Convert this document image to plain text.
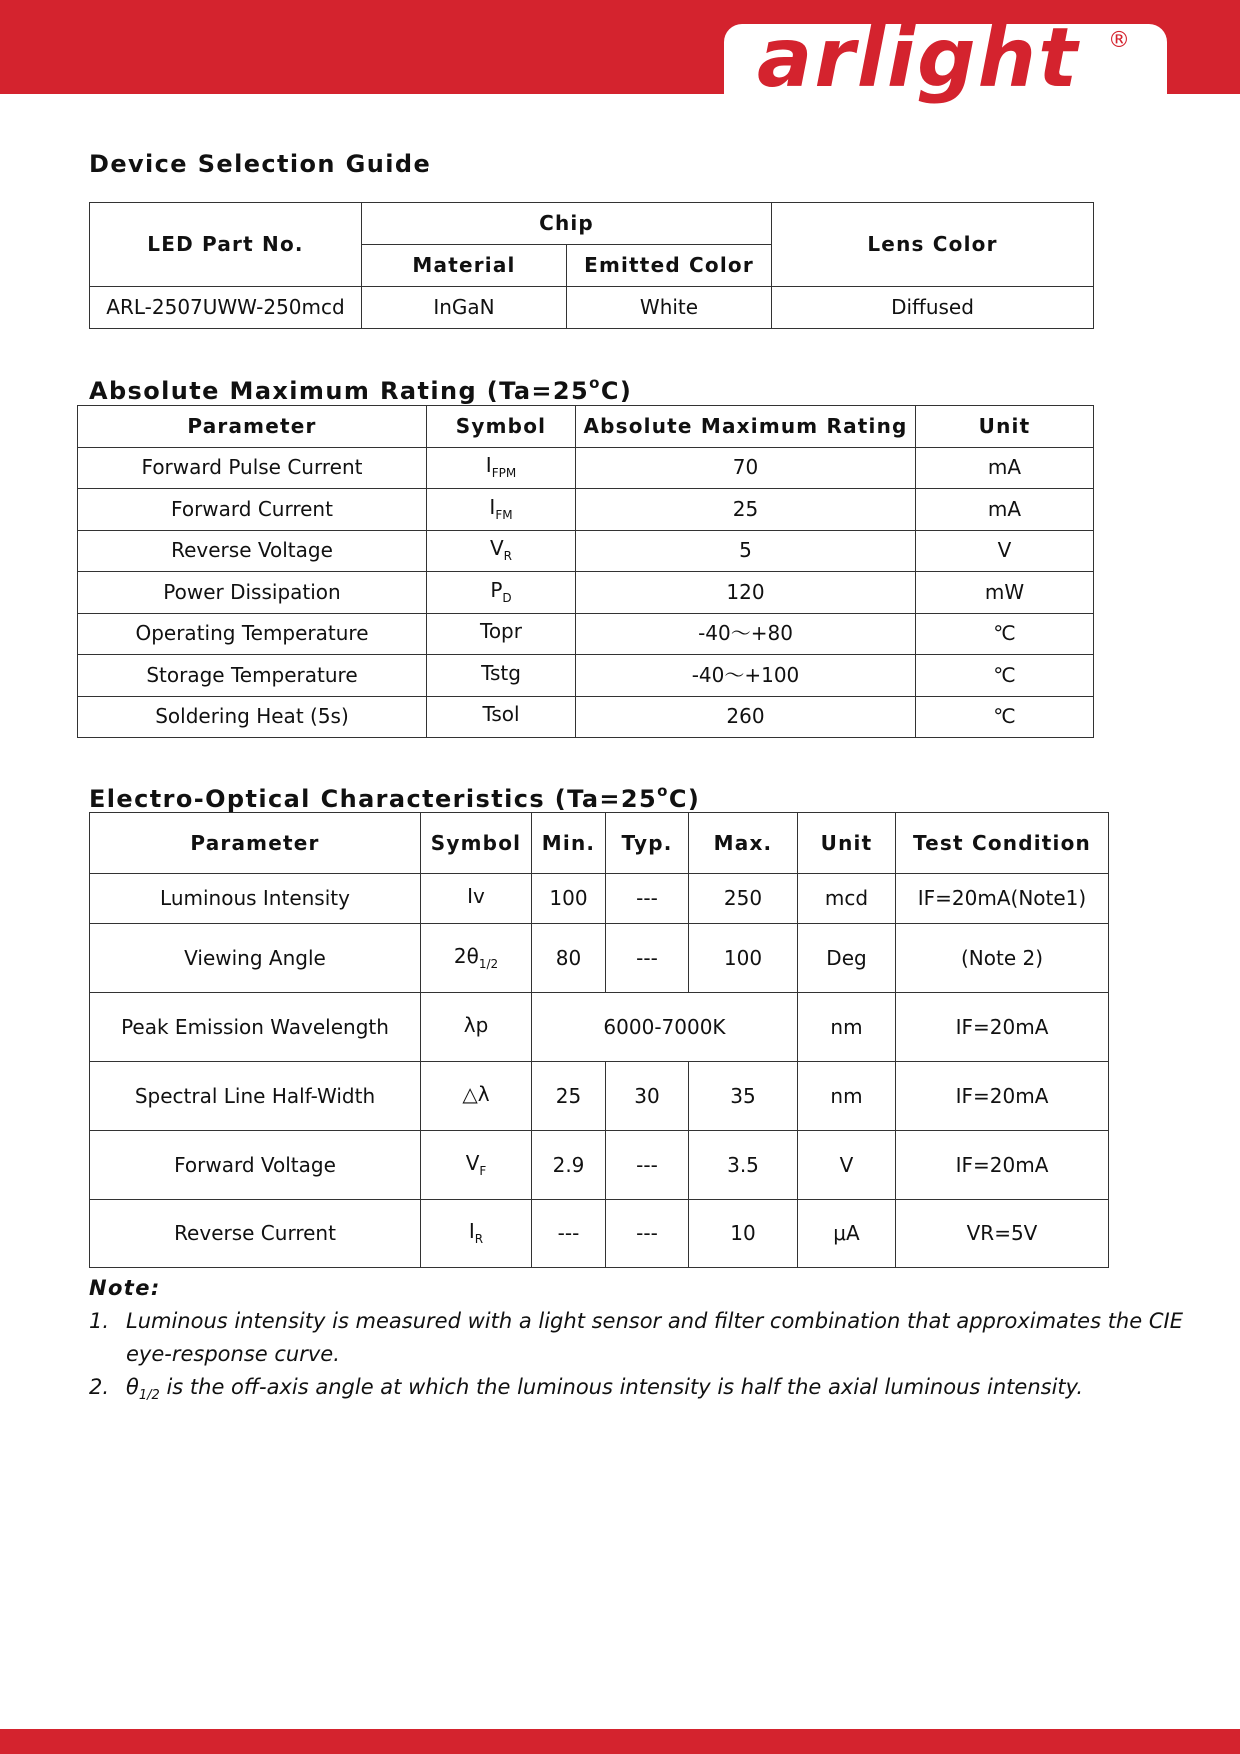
arlight ®
Device Selection Guide
LED Part No.	Chip		Lens Color
	Material	Emitted Color	
ARL-2507UWW-250mcd	InGaN	White	Diffused
Absolute Maximum Rating $(Ta=25^oC)$
Parameter	Symbol	Absolute Maximum Rating	Unit
Forward Pulse Current	$I_{FPM}$	70	mA
Forward Current	$I_{FM}$	25	mA
Reverse Voltage	$V_R$	5	V
Power Dissipation	$P_D$	120	mW
Operating Temperature	Topr	-40～+80	℃
Storage Temperature	Tstg	-40～+100	℃
Soldering Heat (5s)	Tsol	260	℃
Electro-Optical Characteristics $(Ta=25^oC)$
Parameter	Symbol	Min.	Typ.	Max.	Unit	Test Condition
Luminous Intensity	Iv	100	---	250	mcd	IF=20mA(Note1)
Viewing Angle	$2\theta_{1/2}$	80	---	100	Deg	(Note 2)
Peak Emission Wavelength	λp	6000-7000K			nm	IF=20mA
Spectral Line Half-Width	△λ	25	30	35	nm	IF=20mA
Forward Voltage	$V_F$	2.9	---	3.5	V	IF=20mA
Reverse Current	$I_R$	---	---	10	μA	VR=5V
Note:
1. Luminous intensity is measured with a light sensor and filter combination that approximates the CIE eye-response curve.
2. $\theta_{1/2}$ is the off-axis angle at which the luminous intensity is half the axial luminous intensity.
